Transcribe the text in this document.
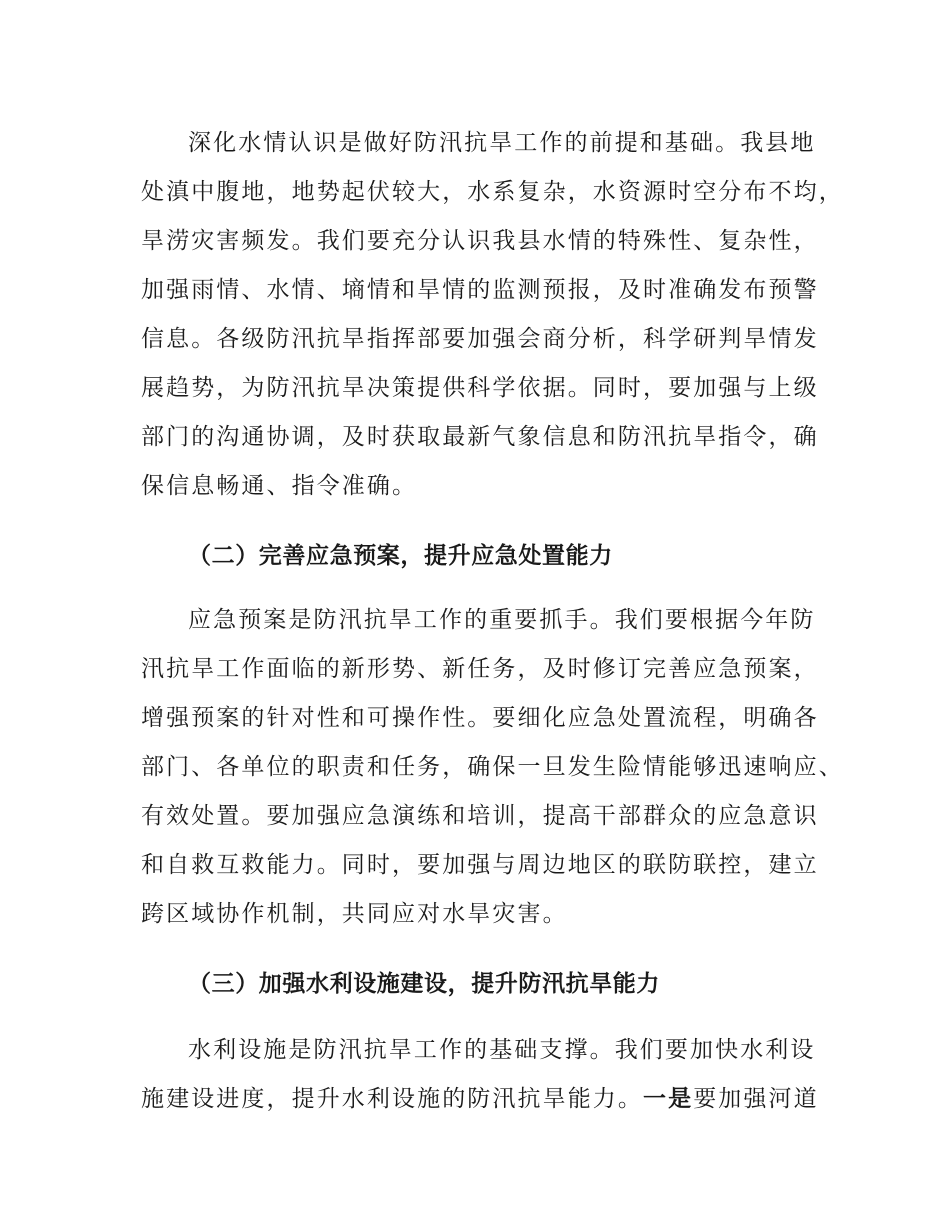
深化水情认识是做好防汛抗旱工作的前提和基础。我县地
处滇中腹地，地势起伏较大，水系复杂，水资源时空分布不均，
旱涝灾害频发。我们要充分认识我县水情的特殊性、复杂性，
加强雨情、水情、墒情和旱情的监测预报，及时准确发布预警
信息。各级防汛抗旱指挥部要加强会商分析，科学研判旱情发
展趋势，为防汛抗旱决策提供科学依据。同时，要加强与上级
部门的沟通协调，及时获取最新气象信息和防汛抗旱指令，确
保信息畅通、指令准确。
（二）完善应急预案，提升应急处置能力
应急预案是防汛抗旱工作的重要抓手。我们要根据今年防
汛抗旱工作面临的新形势、新任务，及时修订完善应急预案，
增强预案的针对性和可操作性。要细化应急处置流程，明确各
部门、各单位的职责和任务，确保一旦发生险情能够迅速响应、
有效处置。要加强应急演练和培训，提高干部群众的应急意识
和自救互救能力。同时，要加强与周边地区的联防联控，建立
跨区域协作机制，共同应对水旱灾害。
（三）加强水利设施建设，提升防汛抗旱能力
水利设施是防汛抗旱工作的基础支撑。我们要加快水利设
施建设进度，提升水利设施的防汛抗旱能力。一是要加强河道
